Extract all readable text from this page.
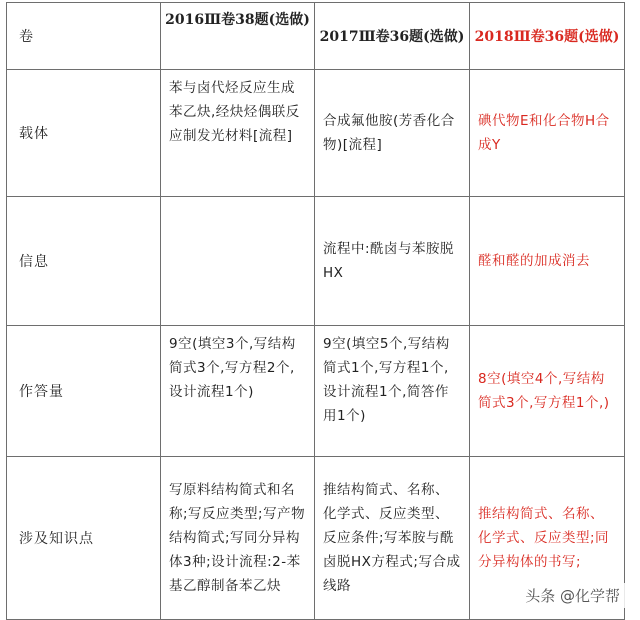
卷	2016Ⅲ卷38题(选做)	2017Ⅲ卷36题(选做)	2018Ⅲ卷36题(选做)
载体	苯与卤代烃反应生成苯乙炔,经炔烃偶联反应制发光材料[流程]	合成氟他胺(芳香化合物)[流程]	碘代物E和化合物H合成Y
信息		流程中:酰卤与苯胺脱HX	醛和醛的加成消去
作答量	9空(填空3个,写结构简式3个,写方程2个,设计流程1个)	9空(填空5个,写结构简式1个,写方程1个,设计流程1个,简答作用1个)	8空(填空4个,写结构简式3个,写方程1个,)
涉及知识点	写原料结构简式和名称;写反应类型;写产物结构简式;写同分异构体3种;设计流程:2-苯基乙醇制备苯乙炔	推结构简式、名称、化学式、反应类型、反应条件;写苯胺与酰卤脱HX方程式;写合成线路	推结构简式、名称、化学式、反应类型;同分异构体的书写;
头条 @化学帮
